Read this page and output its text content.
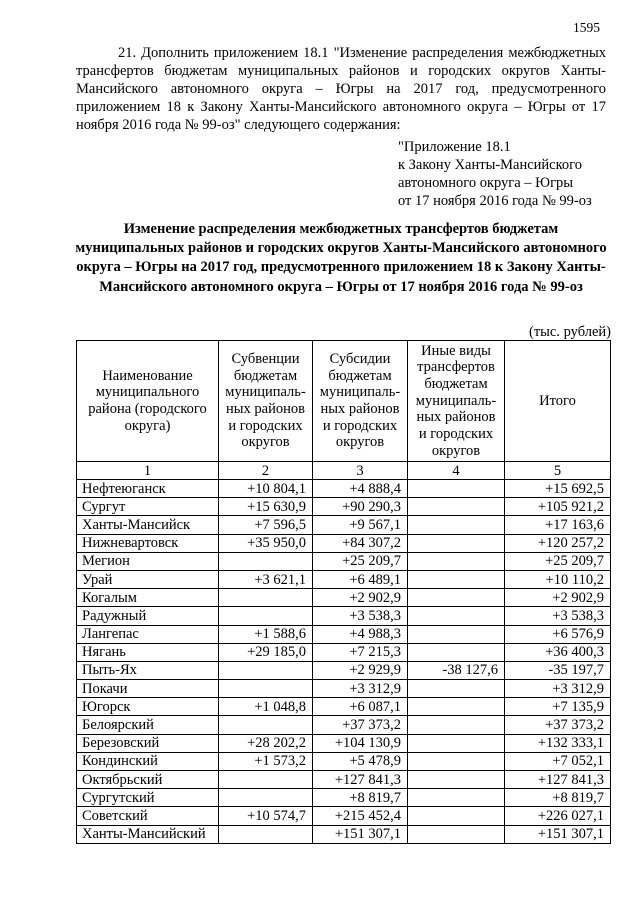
1595

21. Дополнить приложением 18.1 "Изменение распределения межбюджетных трансфертов бюджетам муниципальных районов и городских округов Ханты-Мансийского автономного округа – Югры на 2017 год, предусмотренного приложением 18 к Закону Ханты-Мансийского автономного округа – Югры от 17 ноября 2016 года № 99-оз" следующего содержания:

"Приложение 18.1
к Закону Ханты-Мансийского
автономного округа – Югры
от 17 ноября 2016 года № 99-оз
Изменение распределения межбюджетных трансфертов бюджетам муниципальных районов и городских округов Ханты-Мансийского автономного округа – Югры на 2017 год, предусмотренного приложением 18 к Закону Ханты-Мансийского автономного округа – Югры от 17 ноября 2016 года № 99-оз
(тыс. рублей)
Наименование муниципального района (городского округа)	Субвенции бюджетам муниципаль-ных районов и городских округов	Субсидии бюджетам муниципаль-ных районов и городских округов	Иные виды трансфертов бюджетам муниципаль-ных районов и городских округов	Итого
1	2	3	4	5
Нефтеюганск	+10 804,1	+4 888,4		+15 692,5
Сургут	+15 630,9	+90 290,3		+105 921,2
Ханты-Мансийск	+7 596,5	+9 567,1		+17 163,6
Нижневартовск	+35 950,0	+84 307,2		+120 257,2
Мегион		+25 209,7		+25 209,7
Урай	+3 621,1	+6 489,1		+10 110,2
Когалым		+2 902,9		+2 902,9
Радужный		+3 538,3		+3 538,3
Лангепас	+1 588,6	+4 988,3		+6 576,9
Нягань	+29 185,0	+7 215,3		+36 400,3
Пыть-Ях		+2 929,9	-38 127,6	-35 197,7
Покачи		+3 312,9		+3 312,9
Югорск	+1 048,8	+6 087,1		+7 135,9
Белоярский		+37 373,2		+37 373,2
Березовский	+28 202,2	+104 130,9		+132 333,1
Кондинский	+1 573,2	+5 478,9		+7 052,1
Октябрьский		+127 841,3		+127 841,3
Сургутский		+8 819,7		+8 819,7
Советский	+10 574,7	+215 452,4		+226 027,1
Ханты-Мансийский		+151 307,1		+151 307,1
